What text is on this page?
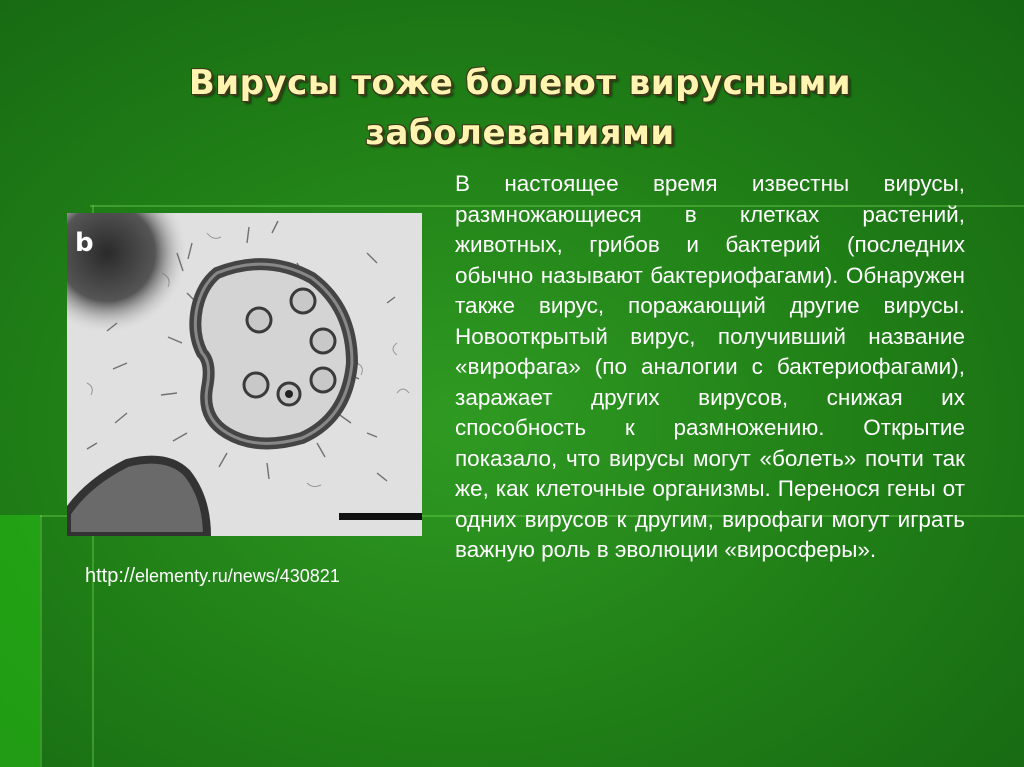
Вирусы тоже болеют вирусными
заболеваниями
b
http://elementy.ru/news/430821
В настоящее время известны вирусы, размножающиеся в клетках растений, животных, грибов и бактерий (последних обычно называют бактериофагами). Обнаружен также вирус, поражающий другие вирусы. Новооткрытый вирус, получивший название «вирофага» (по аналогии с бактериофагами), заражает других вирусов, снижая их способность к размножению. Открытие показало, что вирусы могут «болеть» почти так же, как клеточные организмы. Перенося гены от одних вирусов к другим, вирофаги могут играть важную роль в эволюции «виросферы».
